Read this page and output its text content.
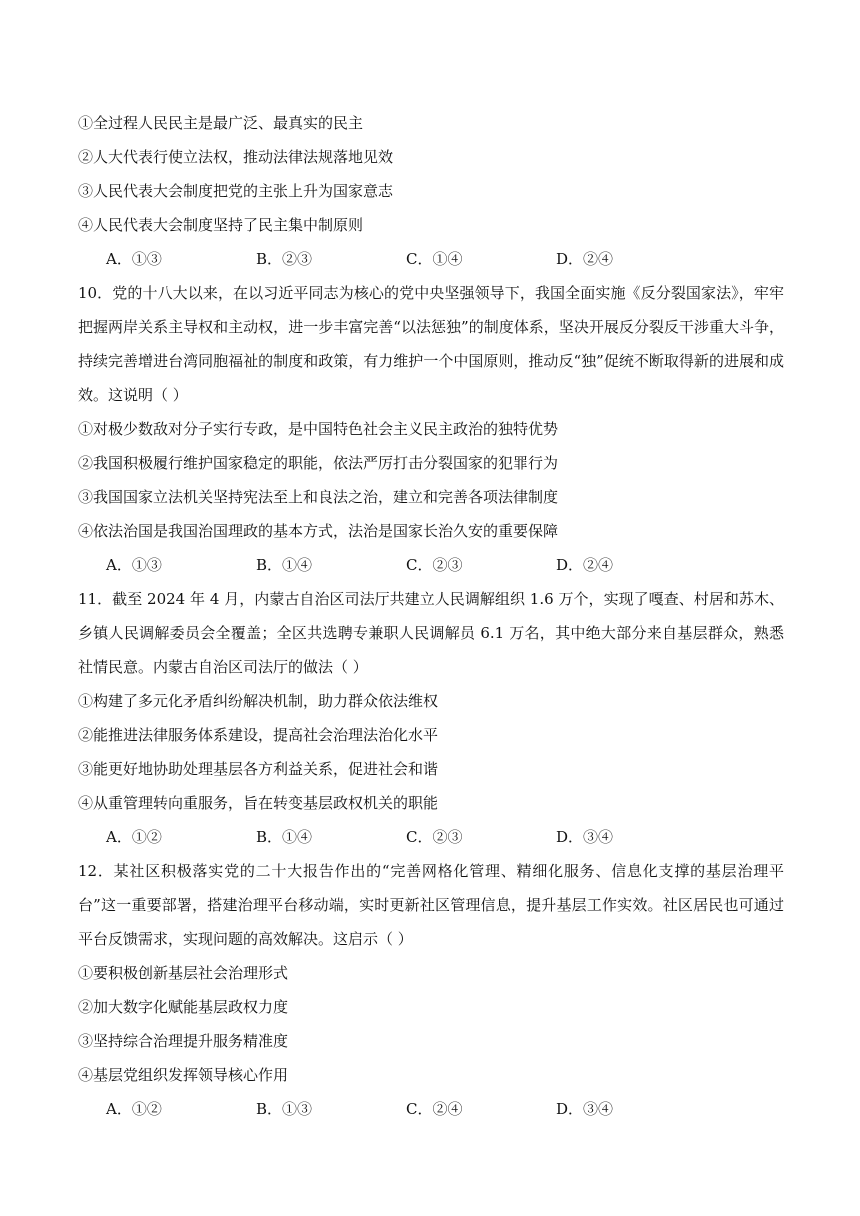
①全过程人民民主是最广泛、最真实的民主
②人大代表行使立法权，推动法律法规落地见效
③人民代表大会制度把党的主张上升为国家意志
④人民代表大会制度坚持了民主集中制原则
A．①③	B．②③	C．①④	D．②④
10．党的十八大以来，在以习近平同志为核心的党中央坚强领导下，我国全面实施《反分裂国家法》，牢牢把握两岸关系主导权和主动权，进一步丰富完善“以法惩独”的制度体系，坚决开展反分裂反干涉重大斗争，持续完善增进台湾同胞福祉的制度和政策，有力维护一个中国原则，推动反“独”促统不断取得新的进展和成效。这说明（ ）
①对极少数敌对分子实行专政，是中国特色社会主义民主政治的独特优势
②我国积极履行维护国家稳定的职能，依法严厉打击分裂国家的犯罪行为
③我国国家立法机关坚持宪法至上和良法之治，建立和完善各项法律制度
④依法治国是我国治国理政的基本方式，法治是国家长治久安的重要保障
A．①③	B．①④	C．②③	D．②④
11．截至 2024 年 4 月，内蒙古自治区司法厅共建立人民调解组织 1.6 万个，实现了嘎查、村居和苏木、乡镇人民调解委员会全覆盖；全区共选聘专兼职人民调解员 6.1 万名，其中绝大部分来自基层群众，熟悉社情民意。内蒙古自治区司法厅的做法（ ）
①构建了多元化矛盾纠纷解决机制，助力群众依法维权
②能推进法律服务体系建设，提高社会治理法治化水平
③能更好地协助处理基层各方利益关系，促进社会和谐
④从重管理转向重服务，旨在转变基层政权机关的职能
A．①②	B．①④	C．②③	D．③④
12．某社区积极落实党的二十大报告作出的“完善网格化管理、精细化服务、信息化支撑的基层治理平台”这一重要部署，搭建治理平台移动端，实时更新社区管理信息，提升基层工作实效。社区居民也可通过平台反馈需求，实现问题的高效解决。这启示（ ）
①要积极创新基层社会治理形式
②加大数字化赋能基层政权力度
③坚持综合治理提升服务精准度
④基层党组织发挥领导核心作用
A．①②	B．①③	C．②④	D．③④
